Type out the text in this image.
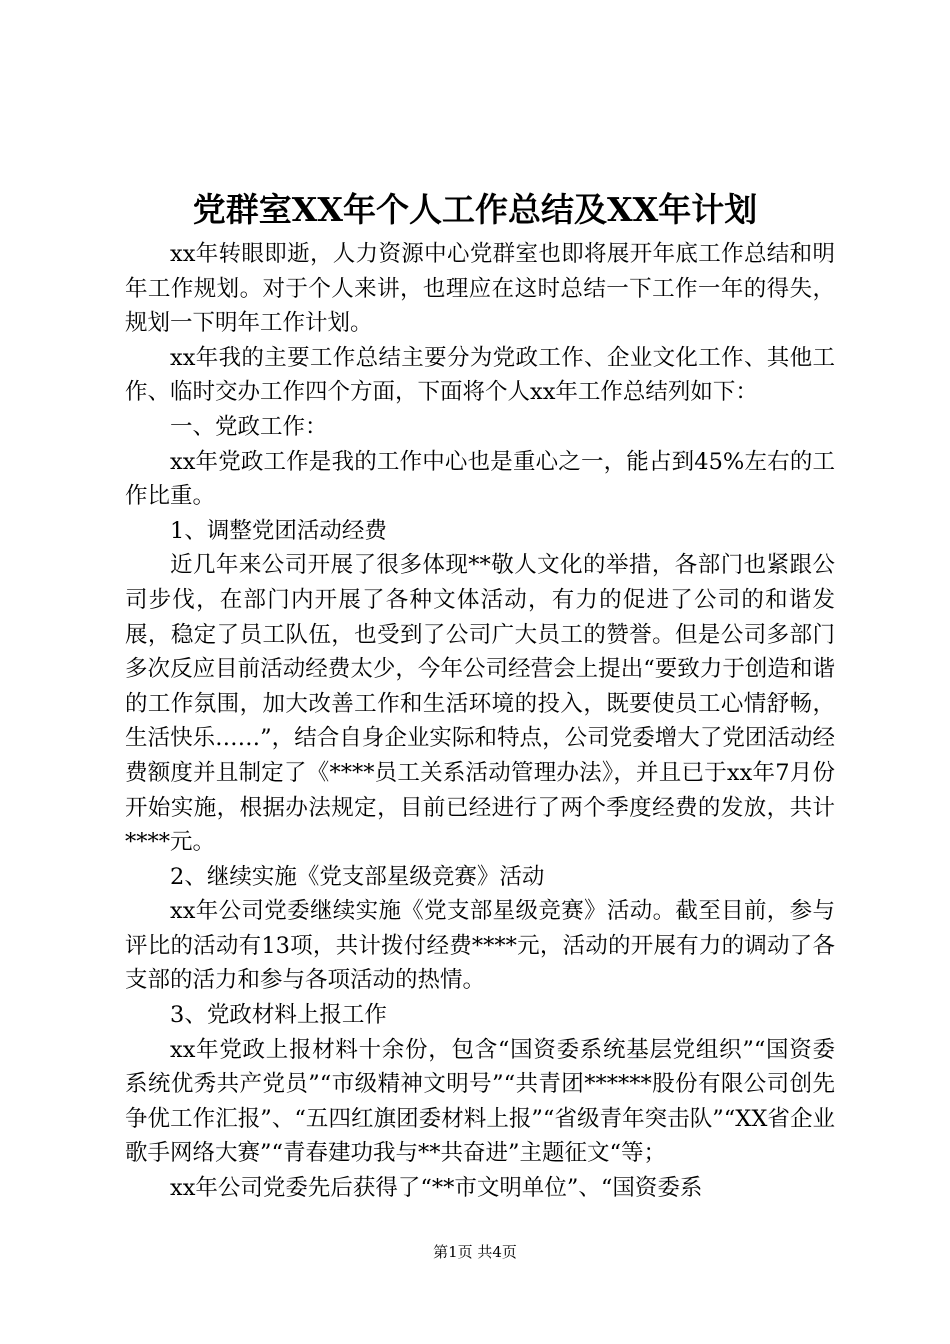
党群室XX年个人工作总结及XX年计划

xx年转眼即逝，人力资源中心党群室也即将展开年底工作总结和明年工作规划。对于个人来讲，也理应在这时总结一下工作一年的得失，规划一下明年工作计划。

xx年我的主要工作总结主要分为党政工作、企业文化工作、其他工作、临时交办工作四个方面，下面将个人xx年工作总结列如下：

一、党政工作：

xx年党政工作是我的工作中心也是重心之一，能占到45%左右的工作比重。

1、调整党团活动经费

近几年来公司开展了很多体现**敬人文化的举措，各部门也紧跟公司步伐，在部门内开展了各种文体活动，有力的促进了公司的和谐发展，稳定了员工队伍，也受到了公司广大员工的赞誉。但是公司多部门多次反应目前活动经费太少，今年公司经营会上提出“要致力于创造和谐的工作氛围，加大改善工作和生活环境的投入，既要使员工心情舒畅，生活快乐……”，结合自身企业实际和特点，公司党委增大了党团活动经费额度并且制定了《****员工关系活动管理办法》，并且已于xx年7月份开始实施，根据办法规定，目前已经进行了两个季度经费的发放，共计****元。

2、继续实施《党支部星级竞赛》活动

xx年公司党委继续实施《党支部星级竞赛》活动。截至目前，参与评比的活动有13项，共计拨付经费****元，活动的开展有力的调动了各支部的活力和参与各项活动的热情。

3、党政材料上报工作

xx年党政上报材料十余份，包含“国资委系统基层党组织”“国资委系统优秀共产党员”“市级精神文明号”“共青团******股份有限公司创先争优工作汇报”、“五四红旗团委材料上报”“省级青年突击队”“XX省企业歌手网络大赛”“青春建功我与**共奋进”主题征文“等；

xx年公司党委先后获得了“**市文明单位”、“国资委系

第1页 共4页
